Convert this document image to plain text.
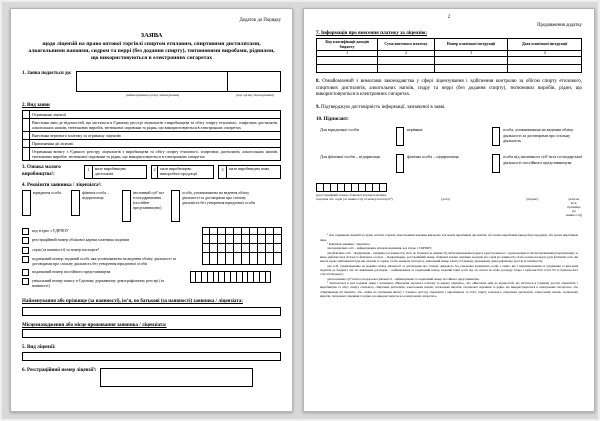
Додаток до Порядку
ЗАЯВА
щодо ліцензій на право оптової торгівлі спиртом етиловим, спиртовими дистилятами, алкогольними напоями, сидром та перрі (без додання спирту), тютюновими виробами, рідинами, що використовуються в електронних сигаретах
1. Заява подається до:
(найменування органу ліцензування)	(код органу ліцензування)
2. Вид заяви
	Отримання ліцензії
	Внесення змін до відомостей, що містяться в Єдиному реєстрі ліцензіатів з виробництва та обігу спирту етилового, спиртових дистилятів, алкогольних напоїв, тютюнових виробів, тютюнової сировини та рідин, що використовуються в електронних сигаретах
	Внесення чергового платежу за отриману ліцензію
	Припинення дії ліцензії
	Отримання витягу з Єдиного реєстру ліцензіатів з виробництва та обігу спирту етилового, спиртових дистилятів, алкогольних напоїв, тютюнових виробів, тютюнової сировини та рідин, що використовуються в електронних сигаретах
3. Ознака малого виробництва¹:
1	мале виробництво дистилятів
2	мале виробництво виноробної продукції
3	мале виробництво пива
4. Реквізити заявника / ліцензіата²:
юридична особа	фізична особа – підприємець
іноземний суб’єкт господарювання (постійне представництво)
особа, уповноважена на ведення обліку діяльності за договорами про спільну діяльність без утворення юридичної особи
код згідно з ЄДРПОУ
реєстраційний номер облікової картки платника податків
серія (за наявності) та номер паспорта⁴
податковий номер, наданий особі, яка уповноважена на ведення обліку діяльності за договорами про спільну діяльність без утворення юридичної особи
податковий номер постійного представництва
унікальний номер запису в Єдиному державному демографічному реєстрі (за наявності)
Найменування або прізвище (за наявності), ім’я, по батькові (за наявності) заявника / ліцензіата:
Місцезнаходження або місце проживання заявника / ліцензіата:
5. Вид ліцензії:
6. Реєстраційний номер ліцензії³:
2
Продовження додатку
7. Інформація про внесення платежу за ліцензію:
Код класифікації доходів бюджету	Сума внесеного платежу	Номер платіжної інструкції	Дата платіжної інструкції
1	2	3	4

8. Ознайомлений з вимогами законодавства у сфері ліцензування і здійснення контролю за обігом спирту етилового, спиртових дистилятів, алкогольних напоїв, сидру та перрі (без додання спирту), тютюнових виробів, рідин, що використовуються в електронних сигаретах.
9. Підтверджую достовірність інформації, зазначеної в заяві.
10. Підписант:
Для юридичної особи	керівник	особа, уповноважена на ведення обліку діяльності за договорами про спільну діяльність
Для фізичної особи – підприємця	фізична особа – підприємець	особа від іноземного суб’єкта господарської діяльності постійного представництва
(реєстраційний номер облікової картки платника податків або серія (за наявності) та номер паспорта⁴)	(дата)	(підпис)	(власне ім’я, прізвище (за наявності))

¹ Для отримання ліцензій на право оптової торгівлі алкогольними напоями виключно для малих виробників дистилятів, або малих виробників виноробної продукції, або малих виробників пива.

² Реквізити заявника / ліцензіата:

для юридичних осіб – найменування, місцезнаходження, код згідно з ЄДРПОУ;

для фізичних осіб – підприємців – прізвище (за наявності), ім’я, по батькові (за наявності), місцезнаходження (адреса зареєстрованого / задекларованого місця проживання (перебування), за якою здійснюється зв’язок із фізичною особою – підприємцем), реєстраційний номер облікової картки платника податків або серія (за наявності) та/або номер паспорта (для фізичних осіб, які мають право здійснювати будь-які платежі за серією та/або номером паспорта), унікальний номер запису в Єдиному державному демографічному реєстрі (за наявності);

для осіб, уповноважених на ведення обліку діяльності за договорами про спільну діяльність без утворення юридичної особи, і таких, які є відповідальними за утримання та внесення податків до бюджету під час виконання договорів, – найменування та податковий номер, наданий такій особі під час взяття на облік договору згідно з пунктом 63.6 статті 63 та пунктом 64.5 статті 64 Кодексу;

для іноземних суб’єктів господарської діяльності – найменування та податковий номер постійного представництва.

³ Зазначається в разі подання заяви з позначкою «Внесення чергового платежу за видану ліцензію», або «Внесення змін до відомостей, що містяться в Єдиному реєстрі ліцензіатів з виробництва та обігу спирту етилового, спиртових дистилятів, алкогольних напоїв, тютюнових виробів, тютюнової сировини та рідин, що використовуються в електронних сигаретах», або «Припинення дії ліцензії», або «Заява на отримання витягу з Єдиного реєстру ліцензіатів з виробництва та обігу спирту етилового, спиртових дистилятів, алкогольних напоїв, тютюнових виробів, тютюнової сировини та рідин, що використовуються в електронних сигаретах».
